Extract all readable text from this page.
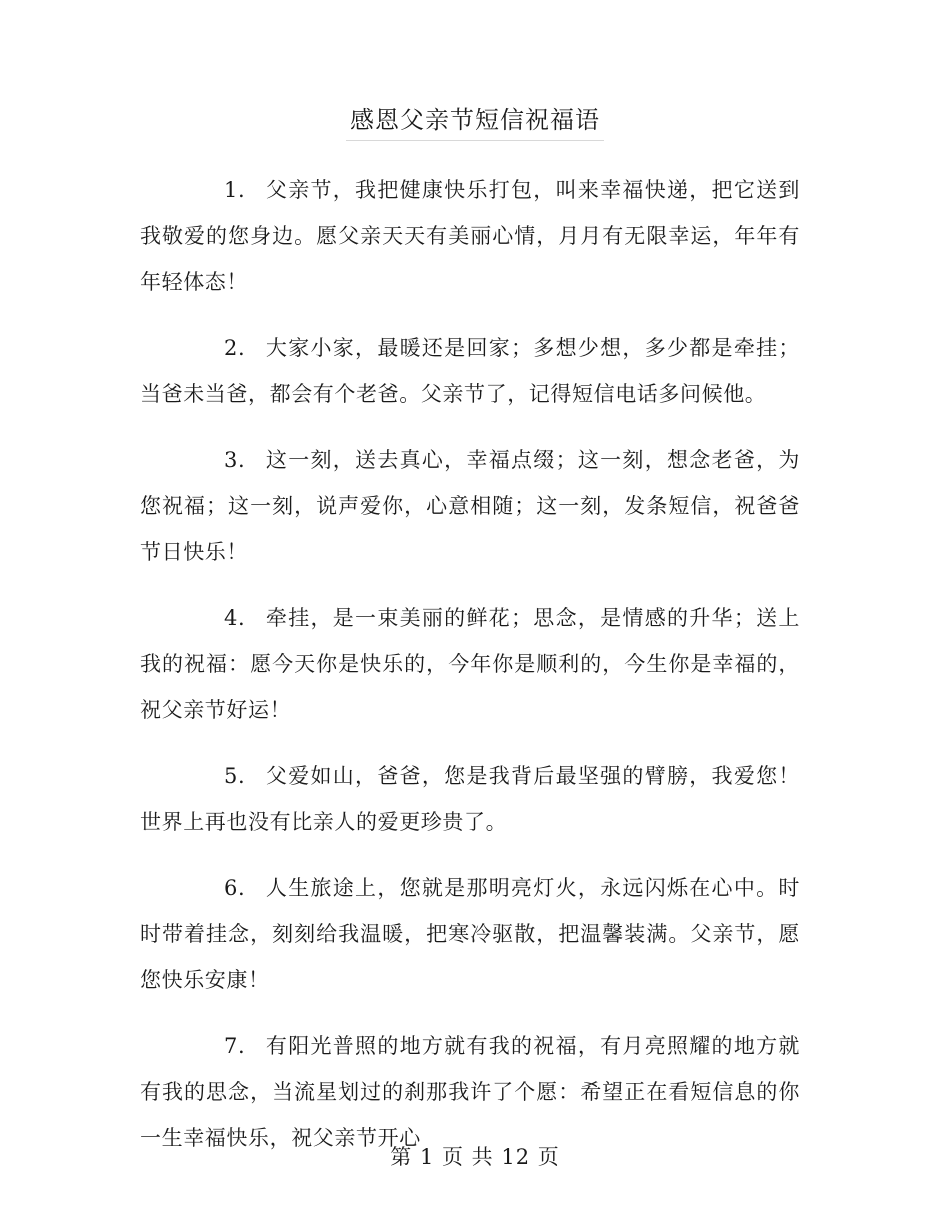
感恩父亲节短信祝福语

1. 父亲节，我把健康快乐打包，叫来幸福快递，把它送到我敬爱的您身边。愿父亲天天有美丽心情，月月有无限幸运，年年有年轻体态！

2. 大家小家，最暖还是回家；多想少想，多少都是牵挂；当爸未当爸，都会有个老爸。父亲节了，记得短信电话多问候他。

3. 这一刻，送去真心，幸福点缀；这一刻，想念老爸，为您祝福；这一刻，说声爱你，心意相随；这一刻，发条短信，祝爸爸节日快乐！

4. 牵挂，是一束美丽的鲜花；思念，是情感的升华；送上我的祝福：愿今天你是快乐的，今年你是顺利的，今生你是幸福的，祝父亲节好运！

5. 父爱如山，爸爸，您是我背后最坚强的臂膀，我爱您！世界上再也没有比亲人的爱更珍贵了。

6. 人生旅途上，您就是那明亮灯火，永远闪烁在心中。时时带着挂念，刻刻给我温暖，把寒冷驱散，把温馨装满。父亲节，愿您快乐安康！

7. 有阳光普照的地方就有我的祝福，有月亮照耀的地方就有我的思念，当流星划过的刹那我许了个愿：希望正在看短信息的你一生幸福快乐，祝父亲节开心

第 1 页 共 12 页
